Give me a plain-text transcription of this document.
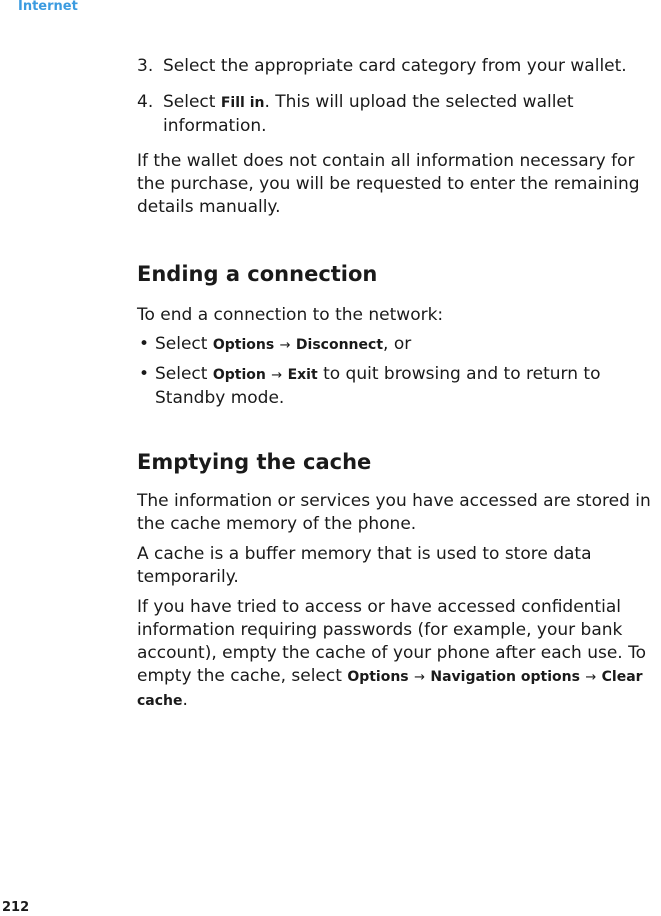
Internet

3. Select the appropriate card category from your wallet.

4. Select Fill in. This will upload the selected wallet information.

If the wallet does not contain all information necessary for the purchase, you will be requested to enter the remaining details manually.

Ending a connection

To end a connection to the network:

• Select Options → Disconnect, or

• Select Option → Exit to quit browsing and to return to Standby mode.

Emptying the cache

The information or services you have accessed are stored in the cache memory of the phone.

A cache is a buffer memory that is used to store data temporarily.

If you have tried to access or have accessed confidential information requiring passwords (for example, your bank account), empty the cache of your phone after each use. To empty the cache, select Options → Navigation options → Clear cache.

212
